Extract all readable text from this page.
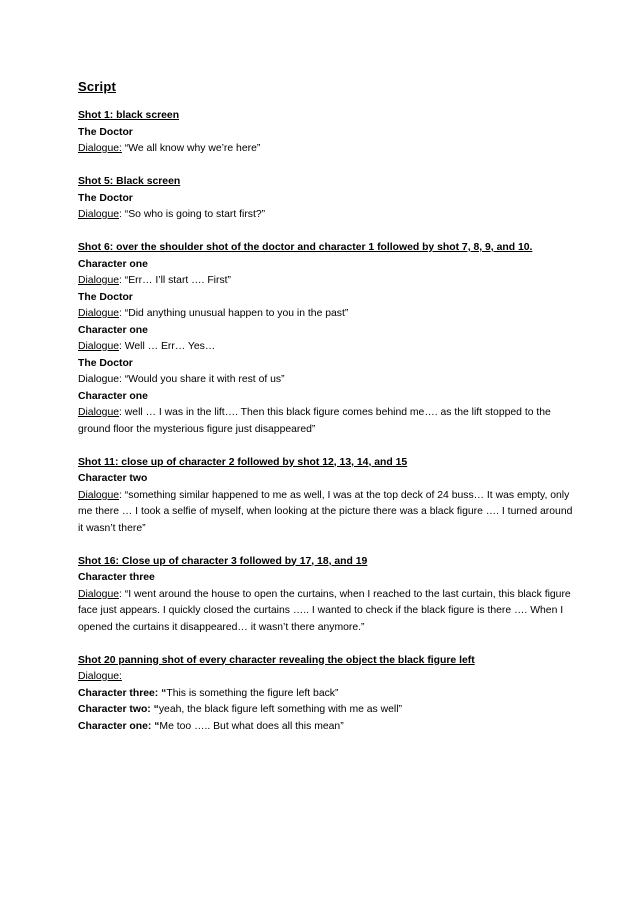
Script
Shot 1: black screen
The Doctor
Dialogue: “We all know why we’re here”
Shot 5: Black screen
The Doctor
Dialogue: “So who is going to start first?”
Shot 6: over the shoulder shot of the doctor and character 1 followed by shot 7, 8, 9, and 10.
Character one
Dialogue: “Err… I’ll start …. First”
The Doctor
Dialogue: “Did anything unusual happen to you in the past”
Character one
Dialogue: Well … Err… Yes…
The Doctor
Dialogue: “Would you share it with rest of us”
Character one
Dialogue: well … I was in the lift…. Then this black figure comes behind me…. as the lift stopped to the ground floor the mysterious figure just disappeared”
Shot 11: close up of character 2 followed by shot 12, 13, 14, and 15
Character two
Dialogue: “something similar happened to me as well, I was at the top deck of 24 buss… It was empty, only me there … I took a selfie of myself, when looking at the picture there was a black figure …. I turned around it wasn’t there”
Shot 16: Close up of character 3 followed by 17, 18, and 19
Character three
Dialogue: “I went around the house to open the curtains, when I reached to the last curtain, this black figure face just appears. I quickly closed the curtains ….. I wanted to check if the black figure is there …. When I opened the curtains it disappeared… it wasn’t there anymore.”
Shot 20 panning shot of every character revealing the object the black figure left
Dialogue:
Character three: “This is something the figure left back”
Character two: “yeah, the black figure left something with me as well”
Character one: “Me too ….. But what does all this mean”
